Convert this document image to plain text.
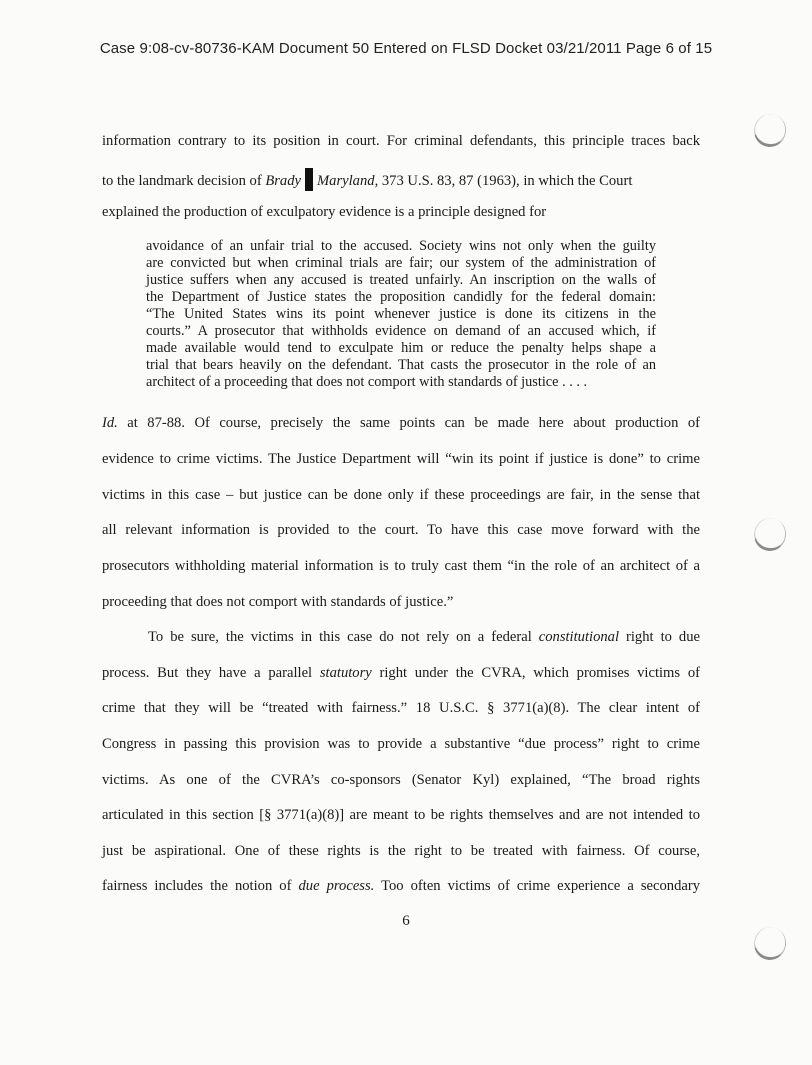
Case 9:08-cv-80736-KAM Document 50 Entered on FLSD Docket 03/21/2011 Page 6 of 15
information contrary to its position in court. For criminal defendants, this principle traces back
to the landmark decision of Brady Maryland, 373 U.S. 83, 87 (1963), in which the Court
explained the production of exculpatory evidence is a principle designed for
avoidance of an unfair trial to the accused. Society wins not only when the guilty
are convicted but when criminal trials are fair; our system of the administration of
justice suffers when any accused is treated unfairly. An inscription on the walls of
the Department of Justice states the proposition candidly for the federal domain:
“The United States wins its point whenever justice is done its citizens in the
courts.” A prosecutor that withholds evidence on demand of an accused which, if
made available would tend to exculpate him or reduce the penalty helps shape a
trial that bears heavily on the defendant. That casts the prosecutor in the role of an
architect of a proceeding that does not comport with standards of justice . . . .
Id. at 87-88. Of course, precisely the same points can be made here about production of
evidence to crime victims. The Justice Department will “win its point if justice is done” to crime
victims in this case – but justice can be done only if these proceedings are fair, in the sense that
all relevant information is provided to the court. To have this case move forward with the
prosecutors withholding material information is to truly cast them “in the role of an architect of a
proceeding that does not comport with standards of justice.”
To be sure, the victims in this case do not rely on a federal constitutional right to due
process. But they have a parallel statutory right under the CVRA, which promises victims of
crime that they will be “treated with fairness.” 18 U.S.C. § 3771(a)(8). The clear intent of
Congress in passing this provision was to provide a substantive “due process” right to crime
victims. As one of the CVRA’s co-sponsors (Senator Kyl) explained, “The broad rights
articulated in this section [§ 3771(a)(8)] are meant to be rights themselves and are not intended to
just be aspirational. One of these rights is the right to be treated with fairness. Of course,
fairness includes the notion of due process. Too often victims of crime experience a secondary
6
